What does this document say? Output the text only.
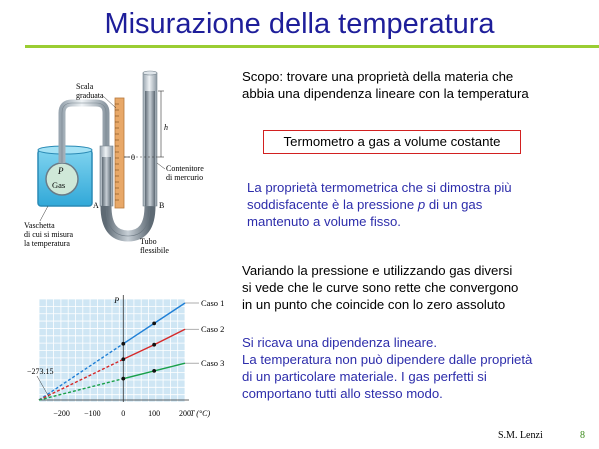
Misurazione della temperatura
P
Gas
0
h
A	B
Scala
graduata
Contenitore
di mercurio
Vaschetta
di cui si misura
la temperatura	Tubo
flessibile
−200 −100	0	100 200 T (°C)
P
−273.15
Caso 1
Caso 2
Caso 3
Scopo: trovare una proprietà della materia che
abbia una dipendenza lineare con la temperatura
Termometro a gas a volume costante
La proprietà termometrica che si dimostra più
soddisfacente è la pressione p di un gas
mantenuto a volume fisso.
Variando la pressione e utilizzando gas diversi
si vede che le curve sono rette che convergono
in un punto che coincide con lo zero assoluto
Si ricava una dipendenza lineare.
La temperatura non può dipendere dalle proprietà
di un particolare materiale. I gas perfetti si
comportano tutti allo stesso modo.
S.M. Lenzi	8
